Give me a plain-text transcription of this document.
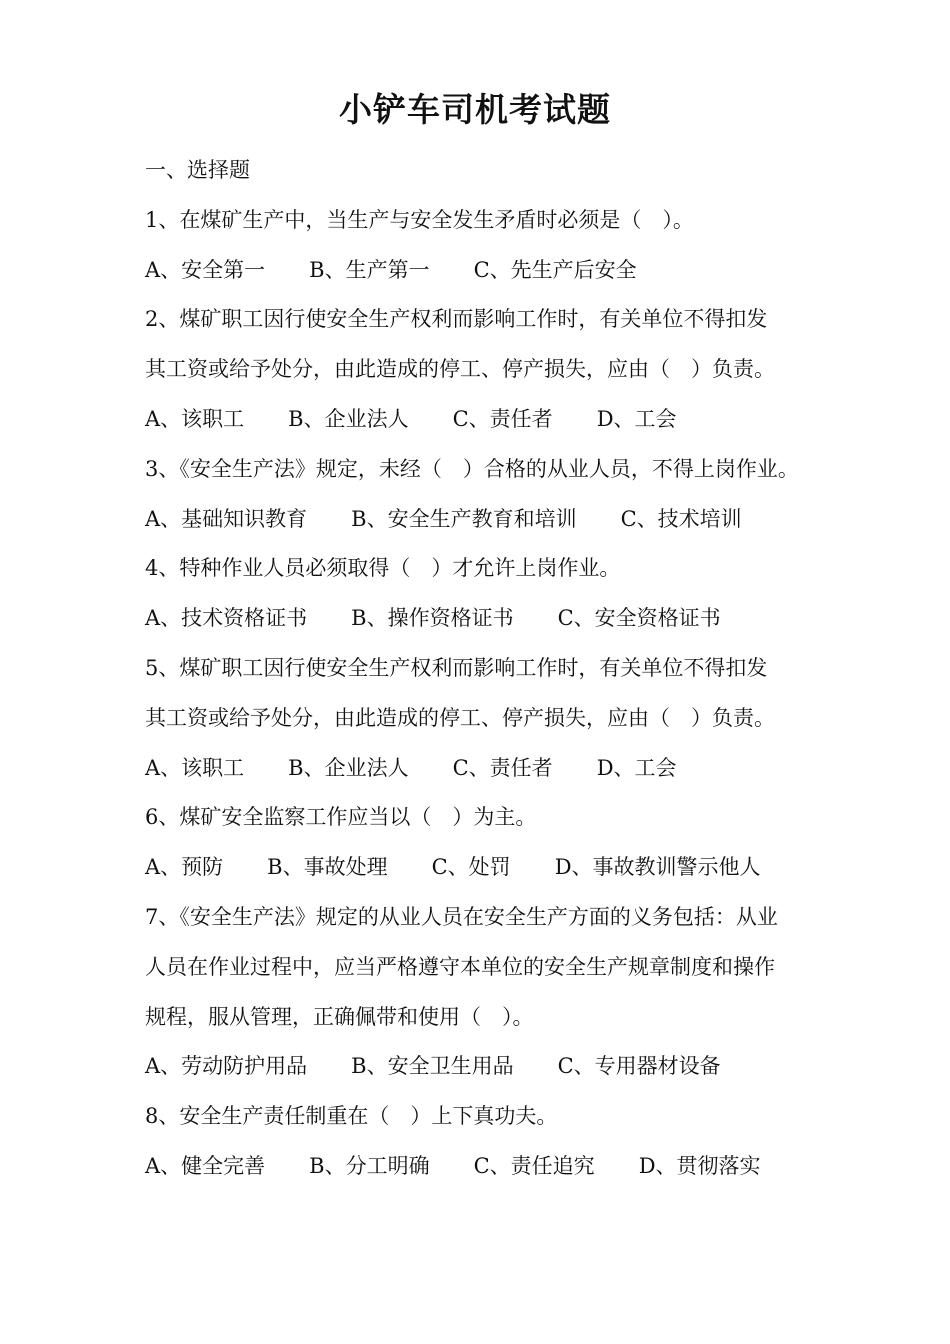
小铲车司机考试题
一、选择题
1、在煤矿生产中，当生产与安全发生矛盾时必须是（　）。
A、安全第一 B、生产第一 C、先生产后安全
2、煤矿职工因行使安全生产权利而影响工作时，有关单位不得扣发
其工资或给予处分，由此造成的停工、停产损失，应由（　）负责。
A、该职工 B、企业法人 C、责任者 D、工会
3、《安全生产法》规定，未经（　）合格的从业人员，不得上岗作业。
A、基础知识教育 B、安全生产教育和培训 C、技术培训
4、特种作业人员必须取得（　）才允许上岗作业。
A、技术资格证书 B、操作资格证书 C、安全资格证书
5、煤矿职工因行使安全生产权利而影响工作时，有关单位不得扣发
其工资或给予处分，由此造成的停工、停产损失，应由（　）负责。
A、该职工 B、企业法人 C、责任者 D、工会
6、煤矿安全监察工作应当以（　）为主。
A、预防 B、事故处理 C、处罚 D、事故教训警示他人
7、《安全生产法》规定的从业人员在安全生产方面的义务包括：从业
人员在作业过程中，应当严格遵守本单位的安全生产规章制度和操作
规程，服从管理，正确佩带和使用（　）。
A、劳动防护用品 B、安全卫生用品 C、专用器材设备
8、安全生产责任制重在（　）上下真功夫。
A、健全完善 B、分工明确 C、责任追究 D、贯彻落实
